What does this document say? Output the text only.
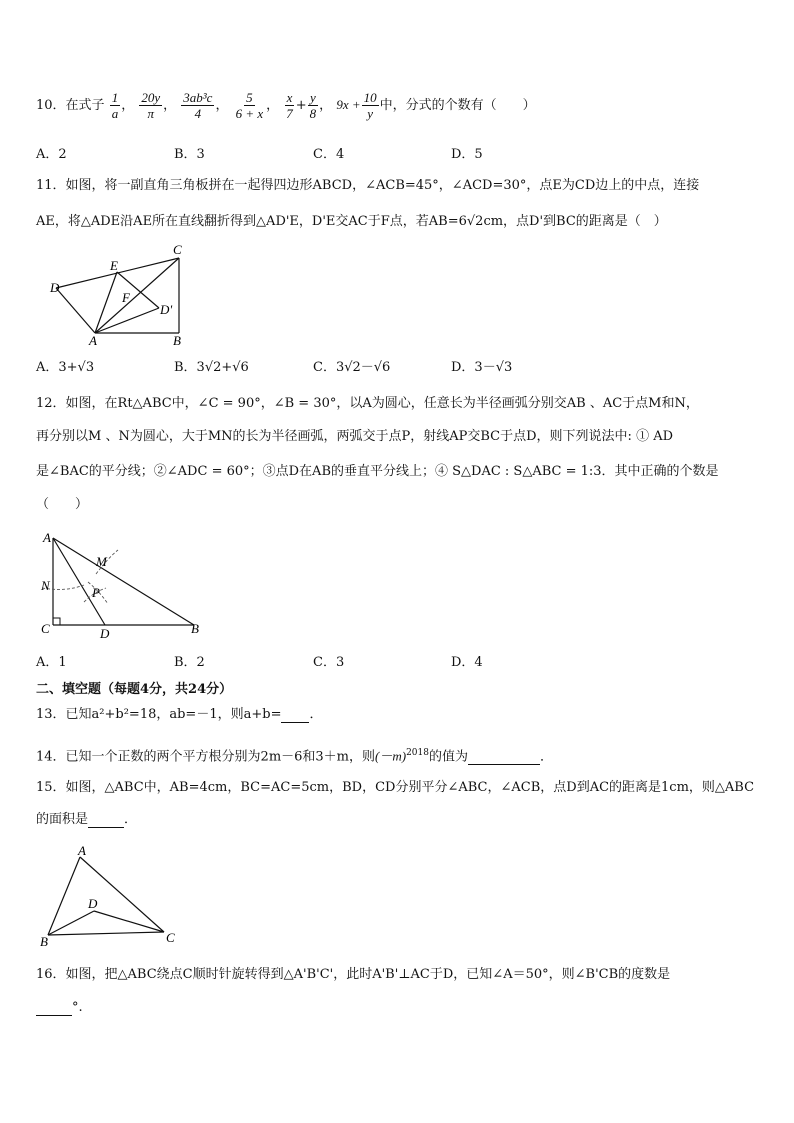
10．在式子 $\frac{1}{a}$ ， $\frac{20y}{\pi}$ ， $\frac{\text{3ab³c}}{4}$ ， $\frac{5}{6 + x}$ ， $\frac{x}{7} + \frac{y}{8}$ ， $9x + \frac{10}{y}$ 中，分式的个数有（　　）
A．2	B．3	C．4	D．5
11．如图，将一副直角三角板拼在一起得四边形ABCD，∠ACB=45°，∠ACD=30°，点E为CD边上的中点，连接
AE，将△ADE沿AE所在直线翻折得到△AD'E，D'E交AC于F点，若AB=6√2cm，点D'到BC的距离是（　）
C
E
D
F
D'
A	B
A．3+√3	B．3√2+√6	C．3√2－√6	D．3－√3
12．如图，在Rt△ABC中，∠C = 90°，∠B = 30°，以A为圆心，任意长为半径画弧分别交AB 、AC于点M和N，
再分别以M 、N为圆心，大于MN的长为半径画弧，两弧交于点P，射线AP交BC于点D，则下列说法中: ① AD
是∠BAC的平分线；②∠ADC = 60°；③点D在AB的垂直平分线上；④ S△DAC : S△ABC = 1:3．其中正确的个数是
（　　）
A
M
N	P
C	D	B
A．1	B．2	C．3	D．4
二、填空题（每题4分，共24分）
13．已知a²+b²=18，ab=－1，则a+b= ．
14．已知一个正数的两个平方根分别为2m－6和3＋m，则$(-m)^{2018}$的值为	．
15．如图，△ABC中，AB=4cm，BC=AC=5cm，BD，CD分别平分∠ABC，∠ACB，点D到AC的距离是1cm，则△ABC
的面积是	．
A
D
B	C
16．如图，把△ABC绕点C顺时针旋转得到△A'B'C'，此时A'B'⊥AC于D，已知∠A＝50°，则∠B'CB的度数是
°.
